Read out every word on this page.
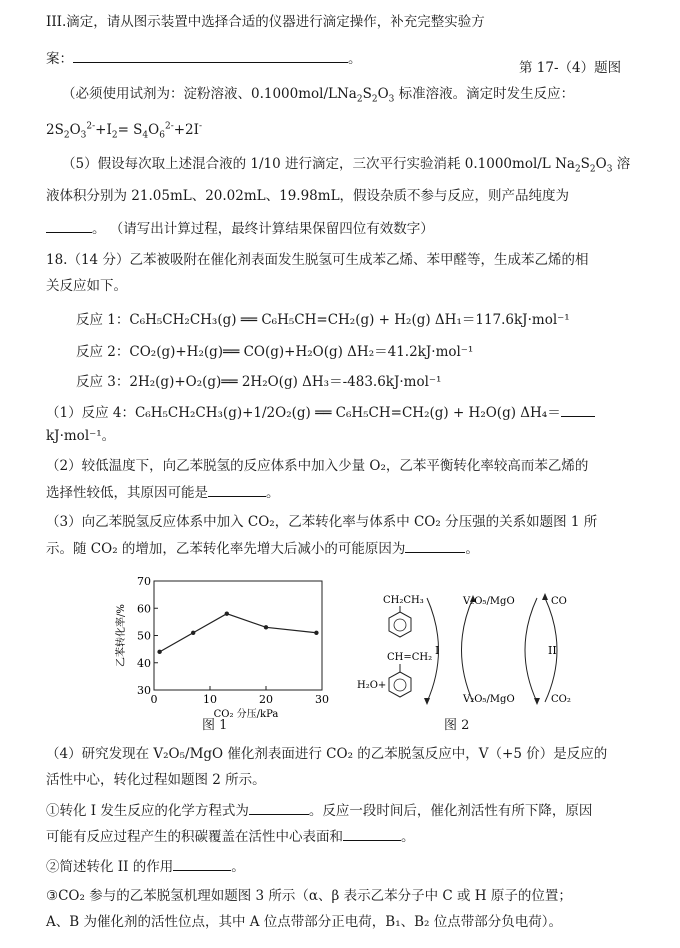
III.滴定，请从图示装置中选择合适的仪器进行滴定操作，补充完整实验方
案：	。
第 17-（4）题图
（必须使用试剂为：淀粉溶液、$0.1000mol/LNa_2S_2O_3$ 标准溶液。滴定时发生反应：
$2S_2O_3^{2-}+I_2= S_4O_6^{2-}+2I^-$
（5）假设每次取上述混合液的 1/10 进行滴定，三次平行实验消耗 0.1000mol/L $Na_2S_2O_3$ 溶
液体积分别为 21.05mL、20.02mL、19.98mL，假设杂质不参与反应，则产品纯度为
。 （请写出计算过程，最终计算结果保留四位有效数字）
18.（14 分）乙苯被吸附在催化剂表面发生脱氢可生成苯乙烯、苯甲醛等，生成苯乙烯的相
关反应如下。
反应 1：C₆H₅CH₂CH₃(g) ══ C₆H₅CH=CH₂(g) + H₂(g) ΔH₁＝117.6kJ·mol⁻¹
反应 2：CO₂(g)+H₂(g)══ CO(g)+H₂O(g) ΔH₂＝41.2kJ·mol⁻¹
反应 3：2H₂(g)+O₂(g)══ 2H₂O(g) ΔH₃＝-483.6kJ·mol⁻¹
（1）反应 4：C₆H₅CH₂CH₃(g)+1/2O₂(g) ══ C₆H₅CH=CH₂(g) + H₂O(g) ΔH₄＝
kJ·mol⁻¹。
（2）较低温度下，向乙苯脱氢的反应体系中加入少量 O₂，乙苯平衡转化率较高而苯乙烯的
选择性较低，其原因可能是	。
（3）向乙苯脱氢反应体系中加入 CO₂，乙苯转化率与体系中 CO₂ 分压强的关系如题图 1 所
示。随 CO₂ 的增加，乙苯转化率先增大后减小的可能原因为	。
30
40
50
60
70
0	10	20	30
CO₂ 分压/kPa
乙苯转化率/%
图 1
CH₂CH₃
CH=CH₂
H₂O+
I
V₂O₅/MgO
V₂O₅/MgO
II
CO
CO₂
图 2
（4）研究发现在 V₂O₅/MgO 催化剂表面进行 CO₂ 的乙苯脱氢反应中，V（+5 价）是反应的
活性中心，转化过程如题图 2 所示。
①转化 I 发生反应的化学方程式为	。反应一段时间后，催化剂活性有所下降，原因
可能有反应过程产生的积碳覆盖在活性中心表面和	。
②简述转化 II 的作用	。
③CO₂ 参与的乙苯脱氢机理如题图 3 所示（α、β 表示乙苯分子中 C 或 H 原子的位置；
A、B 为催化剂的活性位点，其中 A 位点带部分正电荷，B₁、B₂ 位点带部分负电荷）。
